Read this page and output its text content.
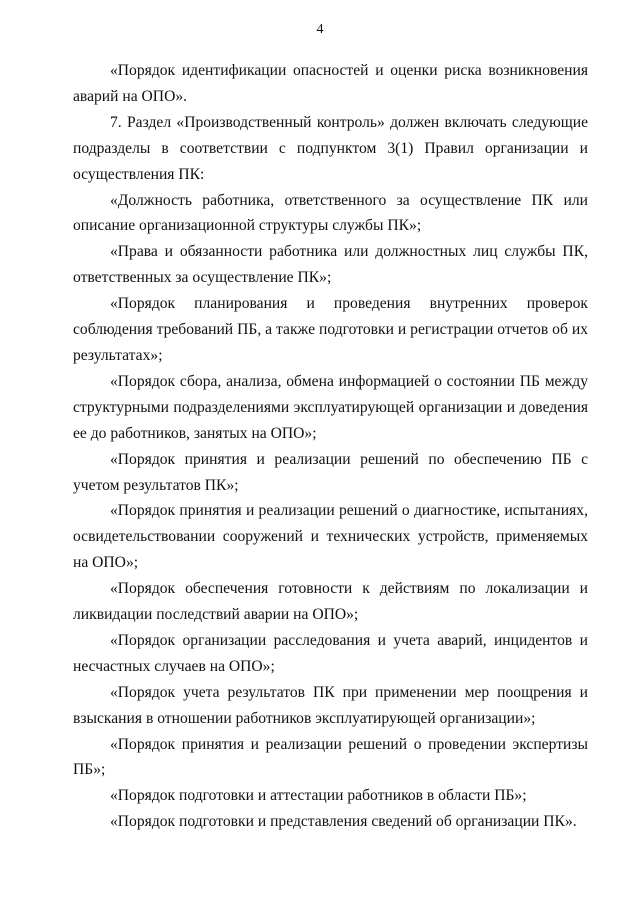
4

«Порядок идентификации опасностей и оценки риска возникновения аварий на ОПО».

7. Раздел «Производственный контроль» должен включать следующие подразделы в соответствии с подпунктом 3(1) Правил организации и осуществления ПК:

«Должность работника, ответственного за осуществление ПК или описание организационной структуры службы ПК»;

«Права и обязанности работника или должностных лиц службы ПК, ответственных за осуществление ПК»;

«Порядок планирования и проведения внутренних проверок соблюдения требований ПБ, а также подготовки и регистрации отчетов об их результатах»;

«Порядок сбора, анализа, обмена информацией о состоянии ПБ между структурными подразделениями эксплуатирующей организации и доведения ее до работников, занятых на ОПО»;

«Порядок принятия и реализации решений по обеспечению ПБ с учетом результатов ПК»;

«Порядок принятия и реализации решений о диагностике, испытаниях, освидетельствовании сооружений и технических устройств, применяемых на ОПО»;

«Порядок обеспечения готовности к действиям по локализации и ликвидации последствий аварии на ОПО»;

«Порядок организации расследования и учета аварий, инцидентов и несчастных случаев на ОПО»;

«Порядок учета результатов ПК при применении мер поощрения и взыскания в отношении работников эксплуатирующей организации»;

«Порядок принятия и реализации решений о проведении экспертизы ПБ»;

«Порядок подготовки и аттестации работников в области ПБ»;

«Порядок подготовки и представления сведений об организации ПК».
